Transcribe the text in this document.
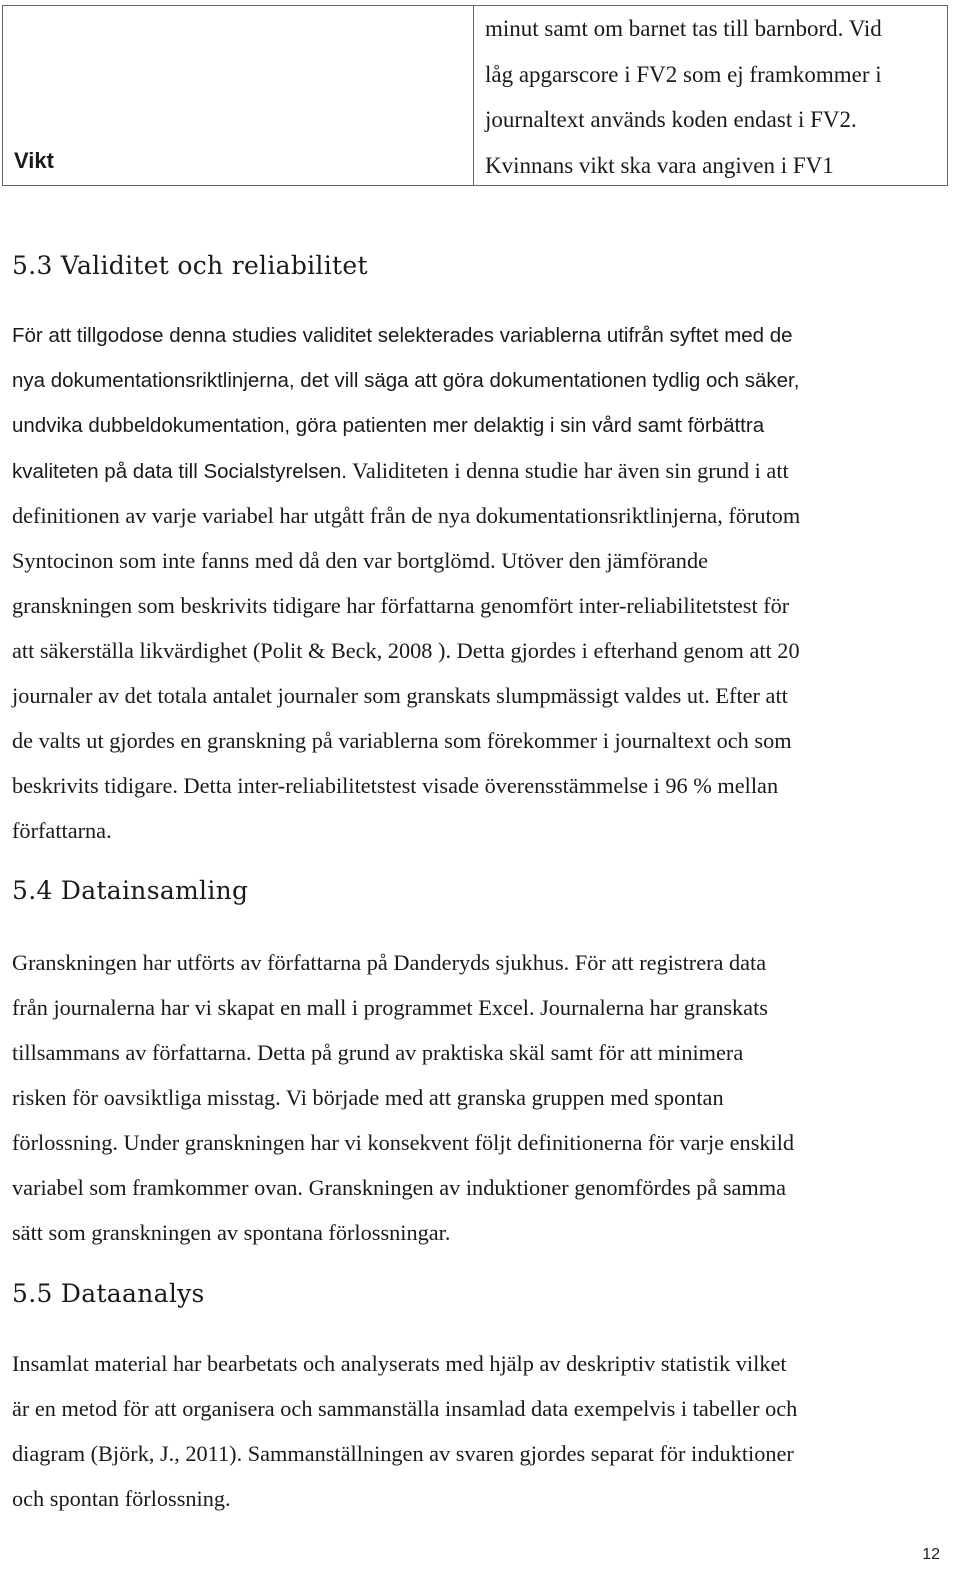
minut samt om barnet tas till barnbord. Vid
låg apgarscore i FV2 som ej framkommer i
journaltext används koden endast i FV2.
Kvinnans vikt ska vara angiven i FV1
Vikt
5.3 Validitet och reliabilitet
För att tillgodose denna studies validitet selekterades variablerna utifrån syftet med de
nya dokumentationsriktlinjerna, det vill säga att göra dokumentationen tydlig och säker,
undvika dubbeldokumentation, göra patienten mer delaktig i sin vård samt förbättra
kvaliteten på data till Socialstyrelsen. Validiteten i denna studie har även sin grund i att
definitionen av varje variabel har utgått från de nya dokumentationsriktlinjerna, förutom
Syntocinon som inte fanns med då den var bortglömd. Utöver den jämförande
granskningen som beskrivits tidigare har författarna genomfört inter-reliabilitetstest för
att säkerställa likvärdighet (Polit & Beck, 2008 ). Detta gjordes i efterhand genom att 20
journaler av det totala antalet journaler som granskats slumpmässigt valdes ut. Efter att
de valts ut gjordes en granskning på variablerna som förekommer i journaltext och som
beskrivits tidigare. Detta inter-reliabilitetstest visade överensstämmelse i 96 % mellan
författarna.
5.4 Datainsamling
Granskningen har utförts av författarna på Danderyds sjukhus. För att registrera data
från journalerna har vi skapat en mall i programmet Excel. Journalerna har granskats
tillsammans av författarna. Detta på grund av praktiska skäl samt för att minimera
risken för oavsiktliga misstag. Vi började med att granska gruppen med spontan
förlossning. Under granskningen har vi konsekvent följt definitionerna för varje enskild
variabel som framkommer ovan. Granskningen av induktioner genomfördes på samma
sätt som granskningen av spontana förlossningar.
5.5 Dataanalys
Insamlat material har bearbetats och analyserats med hjälp av deskriptiv statistik vilket
är en metod för att organisera och sammanställa insamlad data exempelvis i tabeller och
diagram (Björk, J., 2011). Sammanställningen av svaren gjordes separat för induktioner
och spontan förlossning.
12
